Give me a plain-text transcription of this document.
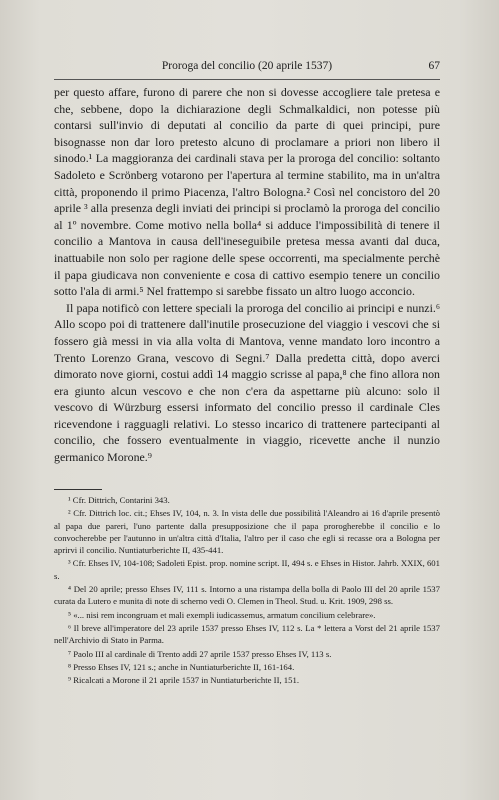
Proroga del concilio (20 aprile 1537)	67

per questo affare, furono di parere che non si dovesse accogliere tale pretesa e che, sebbene, dopo la dichiarazione degli Schmalkaldici, non potesse più contarsi sull'invio di deputati al concilio da parte di quei principi, pure bisognasse non dar loro pretesto alcuno di proclamare a priori non libero il sinodo.¹ La maggioranza dei cardinali stava per la proroga del concilio: soltanto Sadoleto e Scrönberg votarono per l'apertura al termine stabilito, ma in un'altra città, proponendo il primo Piacenza, l'altro Bologna.² Così nel concistoro del 20 aprile ³ alla presenza degli inviati dei principi si proclamò la proroga del concilio al 1º novembre. Come motivo nella bolla⁴ si adduce l'impossibilità di tenere il concilio a Mantova in causa dell'ineseguibile pretesa messa avanti dal duca, inattuabile non solo per ragione delle spese occorrenti, ma specialmente perchè il papa giudicava non conveniente e cosa di cattivo esempio tenere un concilio sotto l'ala di armi.⁵ Nel frattempo si sarebbe fissato un altro luogo acconcio.

Il papa notificò con lettere speciali la proroga del concilio ai principi e nunzi.⁶ Allo scopo poi di trattenere dall'inutile prosecuzione del viaggio i vescovi che si fossero già messi in via alla volta di Mantova, venne mandato loro incontro a Trento Lorenzo Grana, vescovo di Segni.⁷ Dalla predetta città, dopo averci dimorato nove giorni, costui addì 14 maggio scrisse al papa,⁸ che fino allora non era giunto alcun vescovo e che non c'era da aspettarne più alcuno: solo il vescovo di Würzburg essersi informato del concilio presso il cardinale Cles ricevendone i ragguagli relativi. Lo stesso incarico di trattenere partecipanti al concilio, che fossero eventualmente in viaggio, ricevette anche il nunzio germanico Morone.⁹

¹ Cfr. Dittrich, Contarini 343.

² Cfr. Dittrich loc. cit.; Ehses IV, 104, n. 3. In vista delle due possibilità l'Aleandro ai 16 d'aprile presentò al papa due pareri, l'uno partente dalla presupposizione che il papa prorogherebbe il concilio e lo convocherebbe per l'autunno in un'altra città d'Italia, l'altro per il caso che egli si recasse ora a Bologna per aprirvi il concilio. Nuntiaturberichte II, 435-441.

³ Cfr. Ehses IV, 104-108; Sadoleti Epist. prop. nomine script. II, 494 s. e Ehses in Histor. Jahrb. XXIX, 601 s.

⁴ Del 20 aprile; presso Ehses IV, 111 s. Intorno a una ristampa della bolla di Paolo III del 20 aprile 1537 curata da Lutero e munita di note di scherno vedi O. Clemen in Theol. Stud. u. Krit. 1909, 298 ss.

⁵ «... nisi rem incongruam et mali exempli iudicassemus, armatum concilium celebrare».

⁶ Il breve all'imperatore del 23 aprile 1537 presso Ehses IV, 112 s. La * lettera a Vorst del 21 aprile 1537 nell'Archivio di Stato in Parma.

⁷ Paolo III al cardinale di Trento addì 27 aprile 1537 presso Ehses IV, 113 s.

⁸ Presso Ehses IV, 121 s.; anche in Nuntiaturberichte II, 161-164.

⁹ Ricalcati a Morone il 21 aprile 1537 in Nuntiaturberichte II, 151.
